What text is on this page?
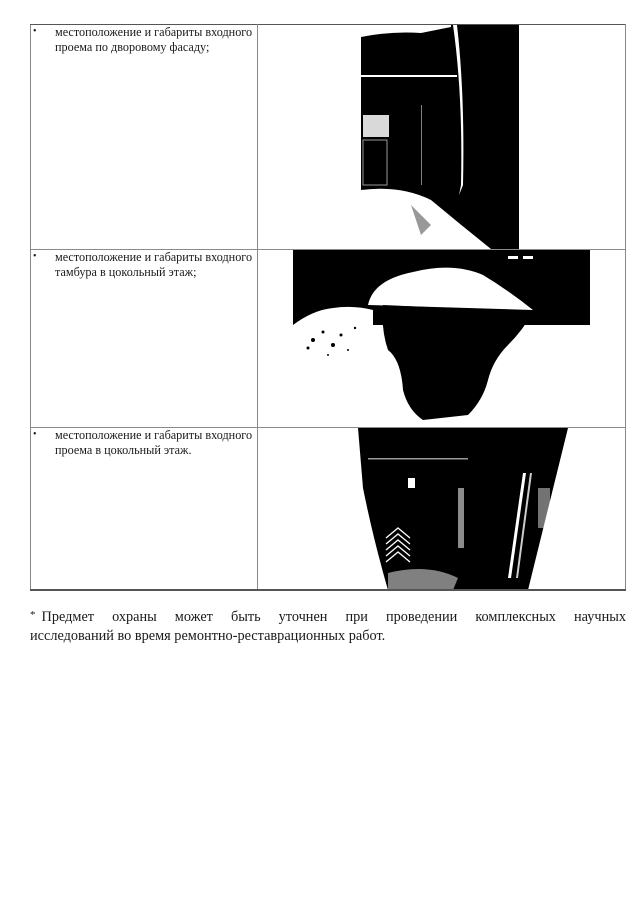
• местоположение и габариты входного проема по дворовому фасаду;

• местоположение и габариты входного тамбура в цокольный этаж;

• местоположение и габариты входного проема в цокольный этаж.

* Предмет охраны может быть уточнен при проведении комплексных научных
исследований во время ремонтно-реставрационных работ.
